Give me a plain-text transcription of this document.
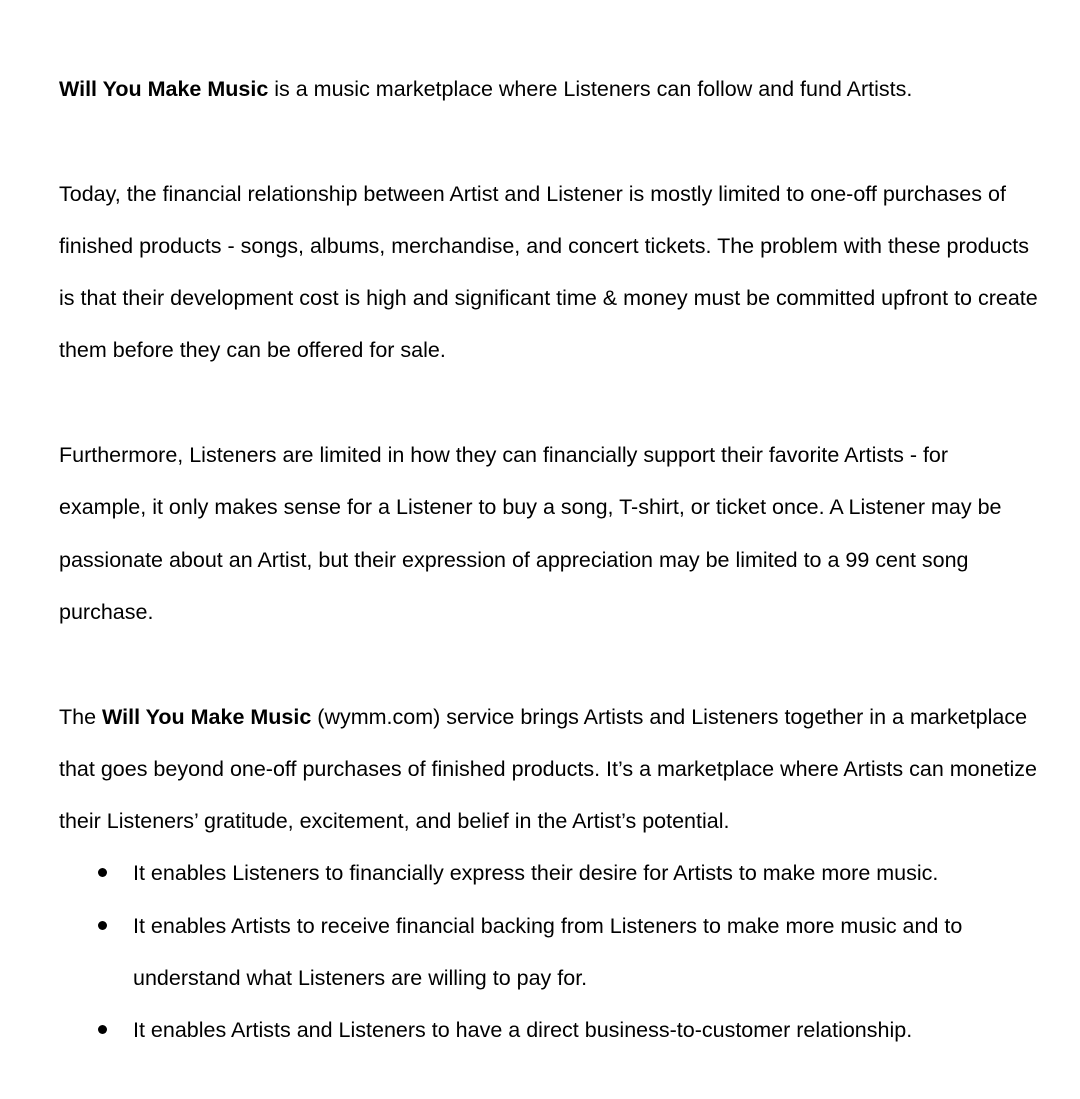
Will You Make Music is a music marketplace where Listeners can follow and fund Artists.

Today, the financial relationship between Artist and Listener is mostly limited to one-off purchases of finished products - songs, albums, merchandise, and concert tickets. The problem with these products is that their development cost is high and significant time & money must be committed upfront to create them before they can be offered for sale.

Furthermore, Listeners are limited in how they can financially support their favorite Artists - for example, it only makes sense for a Listener to buy a song, T-shirt, or ticket once. A Listener may be passionate about an Artist, but their expression of appreciation may be limited to a 99 cent song purchase.

The Will You Make Music (wymm.com) service brings Artists and Listeners together in a marketplace that goes beyond one-off purchases of finished products. It’s a marketplace where Artists can monetize their Listeners’ gratitude, excitement, and belief in the Artist’s potential.

It enables Listeners to financially express their desire for Artists to make more music.
It enables Artists to receive financial backing from Listeners to make more music and to understand what Listeners are willing to pay for.
It enables Artists and Listeners to have a direct business-to-customer relationship.
